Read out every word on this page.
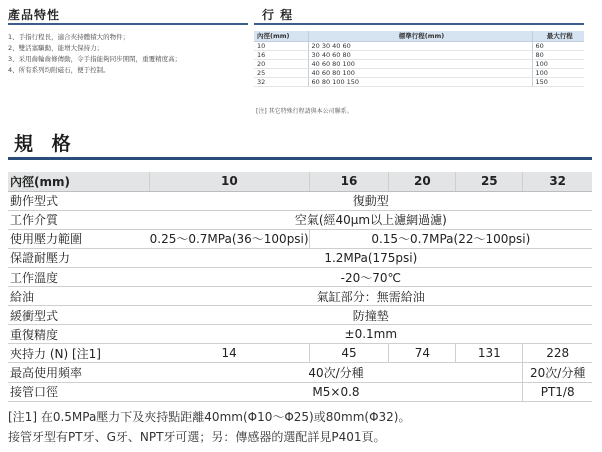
產品特性
1、手指行程長，適合夾持體積大的物件；
2、雙活塞驅動，能增大保持力；
3、采用齒輪齒條傳動，令手指能夠同步開閉，重覆精度高；
4、所有系列均附磁石，便于控制。
行 程
內徑(mm)	標準行程(mm)	最大行程
10	20 30 40 60	60
16	30 40 60 80	80
20	40 60 80 100	100
25	40 60 80 100	100
32	60 80 100 150	150
[注] 其它特殊行程請與本公司聯系。
規 格
內徑(mm)	10	16	20	25	32
動作型式	復動型				
工作介質	空氣(經40μm以上濾網過濾)				
使用壓力範圍	0.25～0.7MPa(36～100psi)	0.15～0.7MPa(22～100psi)			
保證耐壓力	1.2MPa(175psi)				
工作溫度	-20～70℃				
給油	氣缸部分：無需給油				
緩衝型式	防撞墊				
重復精度	±0.1mm				
夾持力 (N) [注1]	14	45	74	131	228
最高使用頻率	40次/分種				20次/分種
接管口徑	M5×0.8				PT1/8
[注1] 在0.5MPa壓力下及夾持點距離40mm(Φ10～Φ25)或80mm(Φ32)。
接管牙型有PT牙、G牙、NPT牙可選；另：傳感器的選配詳見P401頁。
